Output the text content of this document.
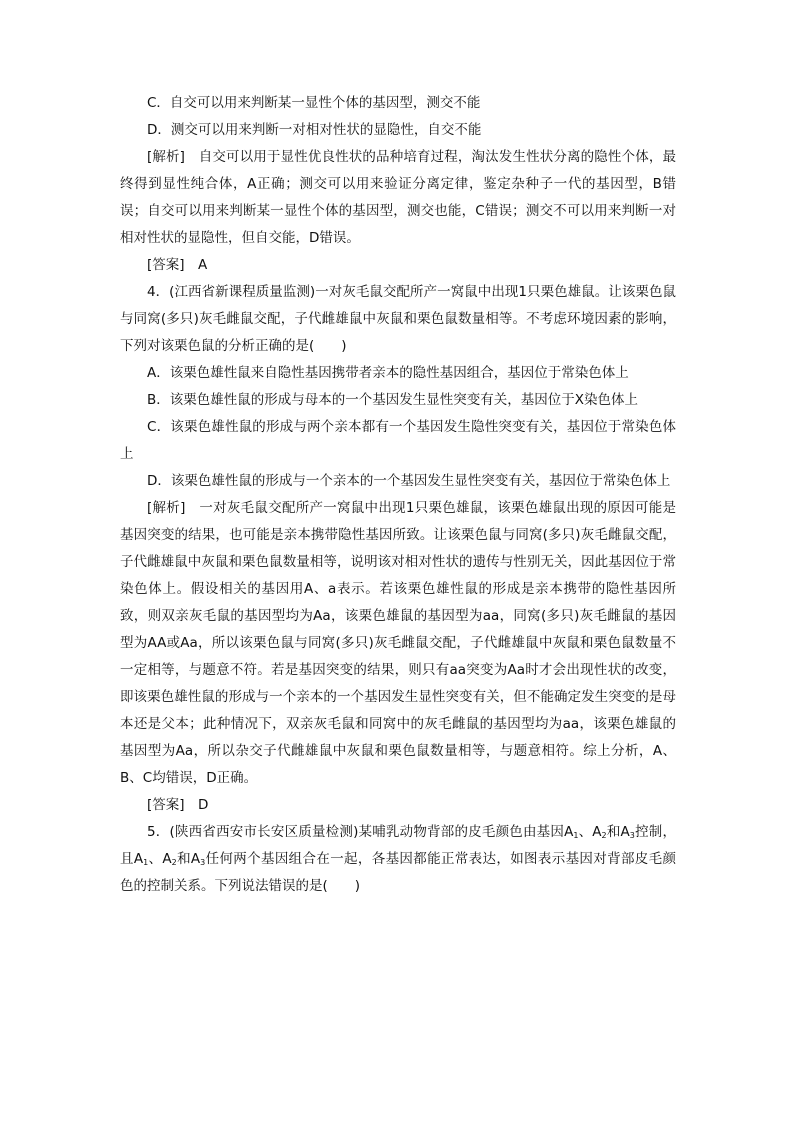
C．自交可以用来判断某一显性个体的基因型，测交不能

D．测交可以用来判断一对相对性状的显隐性，自交不能

[解析]　 自交可以用于显性优良性状的品种培育过程，淘汰发生性状分离的隐性个体，最终得到显性纯合体，A正确；测交可以用来验证分离定律，鉴定杂种子一代的基因型，B错误；自交可以用来判断某一显性个体的基因型，测交也能，C错误；测交不可以用来判断一对相对性状的显隐性，但自交能，D错误。

[答案]　 A

4．(江西省新课程质量监测)一对灰毛鼠交配所产一窝鼠中出现1只栗色雄鼠。让该栗色鼠与同窝(多只)灰毛雌鼠交配，子代雌雄鼠中灰鼠和栗色鼠数量相等。不考虑环境因素的影响，下列对该栗色鼠的分析正确的是(　　)

A．该栗色雄性鼠来自隐性基因携带者亲本的隐性基因组合，基因位于常染色体上

B．该栗色雄性鼠的形成与母本的一个基因发生显性突变有关，基因位于X染色体上

C．该栗色雄性鼠的形成与两个亲本都有一个基因发生隐性突变有关，基因位于常染色体上

D．该栗色雄性鼠的形成与一个亲本的一个基因发生显性突变有关，基因位于常染色体上

[解析]　 一对灰毛鼠交配所产一窝鼠中出现1只栗色雄鼠，该栗色雄鼠出现的原因可能是基因突变的结果，也可能是亲本携带隐性基因所致。让该栗色鼠与同窝(多只)灰毛雌鼠交配，子代雌雄鼠中灰鼠和栗色鼠数量相等，说明该对相对性状的遗传与性别无关，因此基因位于常染色体上。假设相关的基因用A、a表示。若该栗色雄性鼠的形成是亲本携带的隐性基因所致，则双亲灰毛鼠的基因型均为Aa，该栗色雄鼠的基因型为aa，同窝(多只)灰毛雌鼠的基因型为AA或Aa，所以该栗色鼠与同窝(多只)灰毛雌鼠交配，子代雌雄鼠中灰鼠和栗色鼠数量不一定相等，与题意不符。若是基因突变的结果，则只有aa突变为Aa时才会出现性状的改变，即该栗色雄性鼠的形成与一个亲本的一个基因发生显性突变有关，但不能确定发生突变的是母本还是父本；此种情况下，双亲灰毛鼠和同窝中的灰毛雌鼠的基因型均为aa，该栗色雄鼠的基因型为Aa，所以杂交子代雌雄鼠中灰鼠和栗色鼠数量相等，与题意相符。综上分析，A、B、C均错误，D正确。

[答案]　 D

5．(陕西省西安市长安区质量检测)某哺乳动物背部的皮毛颜色由基因$A_1$、$A_2$和$A_3$控制，且$A_1$、$A_2$和$A_3$任何两个基因组合在一起，各基因都能正常表达，如图表示基因对背部皮毛颜色的控制关系。下列说法错误的是(　　)
